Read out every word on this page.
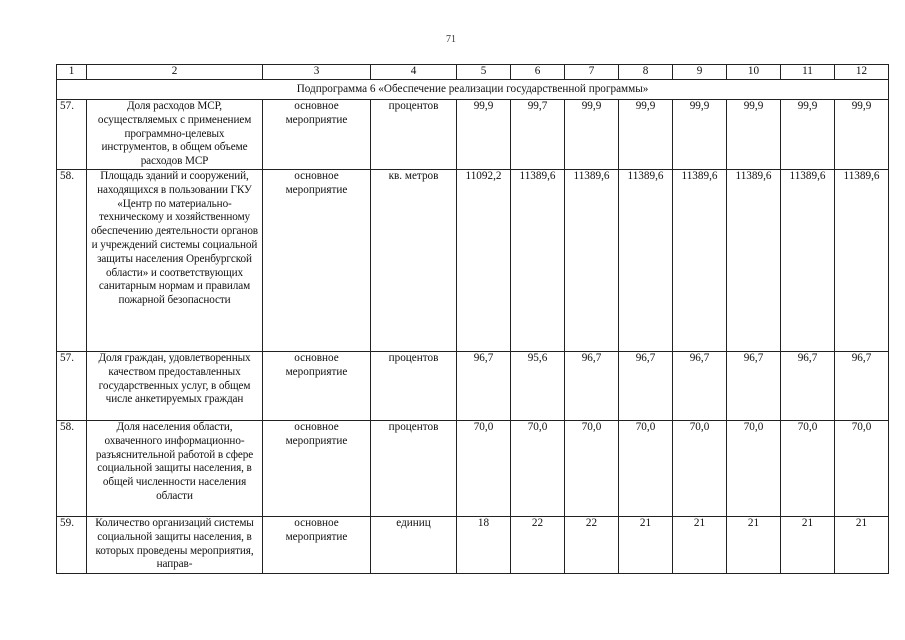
71
1	2	3	4	5	6	7	8	9	10	11	12
Подпрограмма 6 «Обеспечение реализации государственной программы»											
57.	Доля расходов МСР, осуществляемых с применением программно-целевых инструментов, в общем объеме расходов МСР	основное мероприятие	процентов	99,9	99,7	99,9	99,9	99,9	99,9	99,9	99,9
58.	Площадь зданий и сооружений, находящихся в пользовании ГКУ «Центр по материально-техническому и хозяйственному обеспечению деятельности органов и учреждений системы социальной защиты населения Оренбургской области» и соответствующих санитарным нормам и правилам пожарной безопасности	основное мероприятие	кв. метров	11092,2	11389,6	11389,6	11389,6	11389,6	11389,6	11389,6	11389,6
57.	Доля граждан, удовлетворенных качеством предоставленных государственных услуг, в общем числе анкетируемых граждан	основное мероприятие	процентов	96,7	95,6	96,7	96,7	96,7	96,7	96,7	96,7
58.	Доля населения области, охваченного информационно-разъяснительной работой в сфере социальной защиты населения, в общей численности населения области	основное мероприятие	процентов	70,0	70,0	70,0	70,0	70,0	70,0	70,0	70,0
59.	Количество организаций системы социальной защиты населения, в которых проведены мероприятия, направ-	основное мероприятие	единиц	18	22	22	21	21	21	21	21
